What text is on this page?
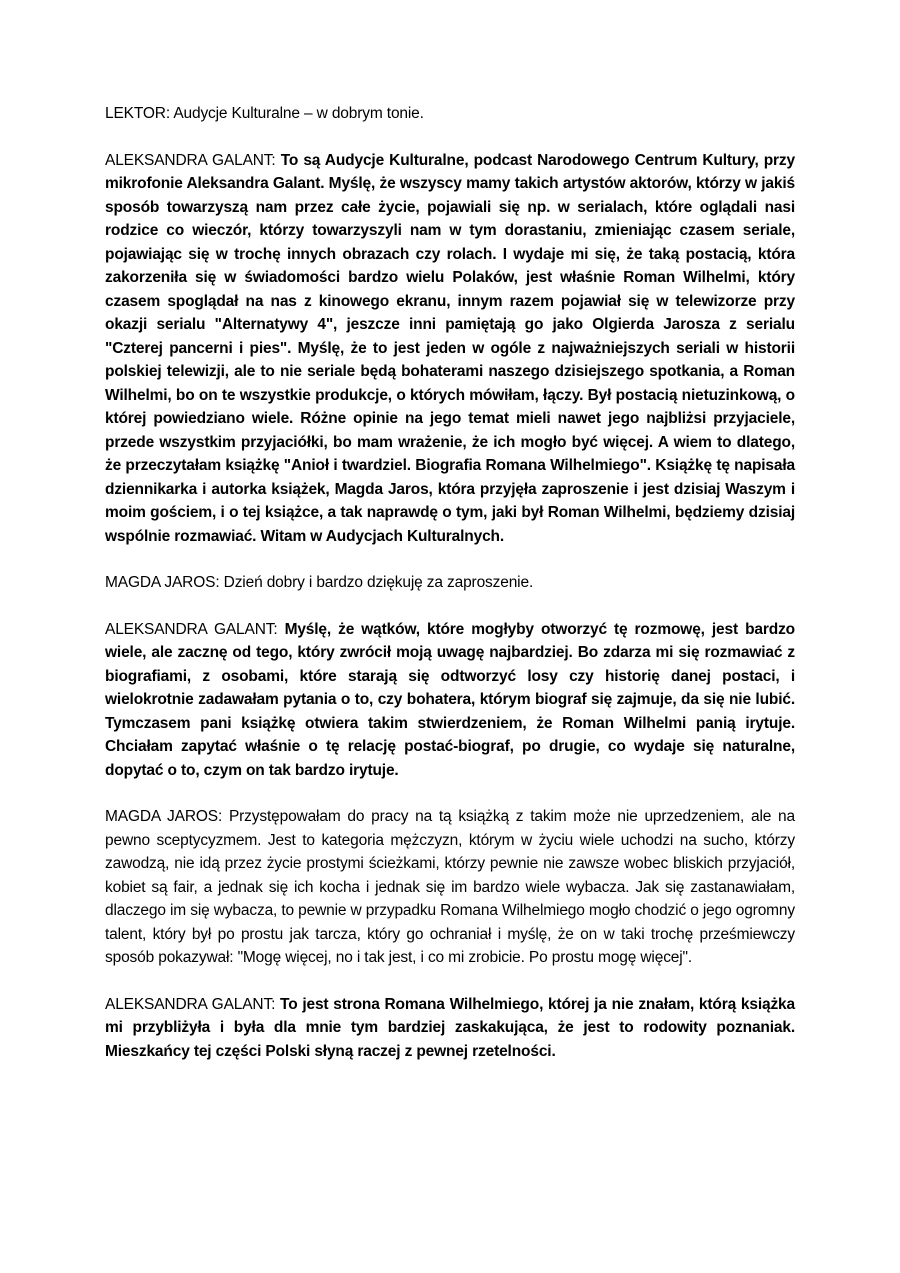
LEKTOR: Audycje Kulturalne – w dobrym tonie.

ALEKSANDRA GALANT: To są Audycje Kulturalne, podcast Narodowego Centrum Kultury, przy mikrofonie Aleksandra Galant. Myślę, że wszyscy mamy takich artystów aktorów, którzy w jakiś sposób towarzyszą nam przez całe życie, pojawiali się np. w serialach, które oglądali nasi rodzice co wieczór, którzy towarzyszyli nam w tym dorastaniu, zmieniając czasem seriale, pojawiając się w trochę innych obrazach czy rolach. I wydaje mi się, że taką postacią, która zakorzeniła się w świadomości bardzo wielu Polaków, jest właśnie Roman Wilhelmi, który czasem spoglądał na nas z kinowego ekranu, innym razem pojawiał się w telewizorze przy okazji serialu "Alternatywy 4", jeszcze inni pamiętają go jako Olgierda Jarosza z serialu "Czterej pancerni i pies". Myślę, że to jest jeden w ogóle z najważniejszych seriali w historii polskiej telewizji, ale to nie seriale będą bohaterami naszego dzisiejszego spotkania, a Roman Wilhelmi, bo on te wszystkie produkcje, o których mówiłam, łączy. Był postacią nietuzinkową, o której powiedziano wiele. Różne opinie na jego temat mieli nawet jego najbliżsi przyjaciele, przede wszystkim przyjaciółki, bo mam wrażenie, że ich mogło być więcej. A wiem to dlatego, że przeczytałam książkę "Anioł i twardziel. Biografia Romana Wilhelmiego". Książkę tę napisała dziennikarka i autorka książek, Magda Jaros, która przyjęła zaproszenie i jest dzisiaj Waszym i moim gościem, i o tej książce, a tak naprawdę o tym, jaki był Roman Wilhelmi, będziemy dzisiaj wspólnie rozmawiać. Witam w Audycjach Kulturalnych.

MAGDA JAROS: Dzień dobry i bardzo dziękuję za zaproszenie.

ALEKSANDRA GALANT: Myślę, że wątków, które mogłyby otworzyć tę rozmowę, jest bardzo wiele, ale zacznę od tego, który zwrócił moją uwagę najbardziej. Bo zdarza mi się rozmawiać z biografiami, z osobami, które starają się odtworzyć losy czy historię danej postaci, i wielokrotnie zadawałam pytania o to, czy bohatera, którym biograf się zajmuje, da się nie lubić. Tymczasem pani książkę otwiera takim stwierdzeniem, że Roman Wilhelmi panią irytuje. Chciałam zapytać właśnie o tę relację postać-biograf, po drugie, co wydaje się naturalne, dopytać o to, czym on tak bardzo irytuje.

MAGDA JAROS: Przystępowałam do pracy na tą książką z takim może nie uprzedzeniem, ale na pewno sceptycyzmem. Jest to kategoria mężczyzn, którym w życiu wiele uchodzi na sucho, którzy zawodzą, nie idą przez życie prostymi ścieżkami, którzy pewnie nie zawsze wobec bliskich przyjaciół, kobiet są fair, a jednak się ich kocha i jednak się im bardzo wiele wybacza. Jak się zastanawiałam, dlaczego im się wybacza, to pewnie w przypadku Romana Wilhelmiego mogło chodzić o jego ogromny talent, który był po prostu jak tarcza, który go ochraniał i myślę, że on w taki trochę prześmiewczy sposób pokazywał: "Mogę więcej, no i tak jest, i co mi zrobicie. Po prostu mogę więcej".

ALEKSANDRA GALANT: To jest strona Romana Wilhelmiego, której ja nie znałam, którą książka mi przybliżyła i była dla mnie tym bardziej zaskakująca, że jest to rodowity poznaniak. Mieszkańcy tej części Polski słyną raczej z pewnej rzetelności.
